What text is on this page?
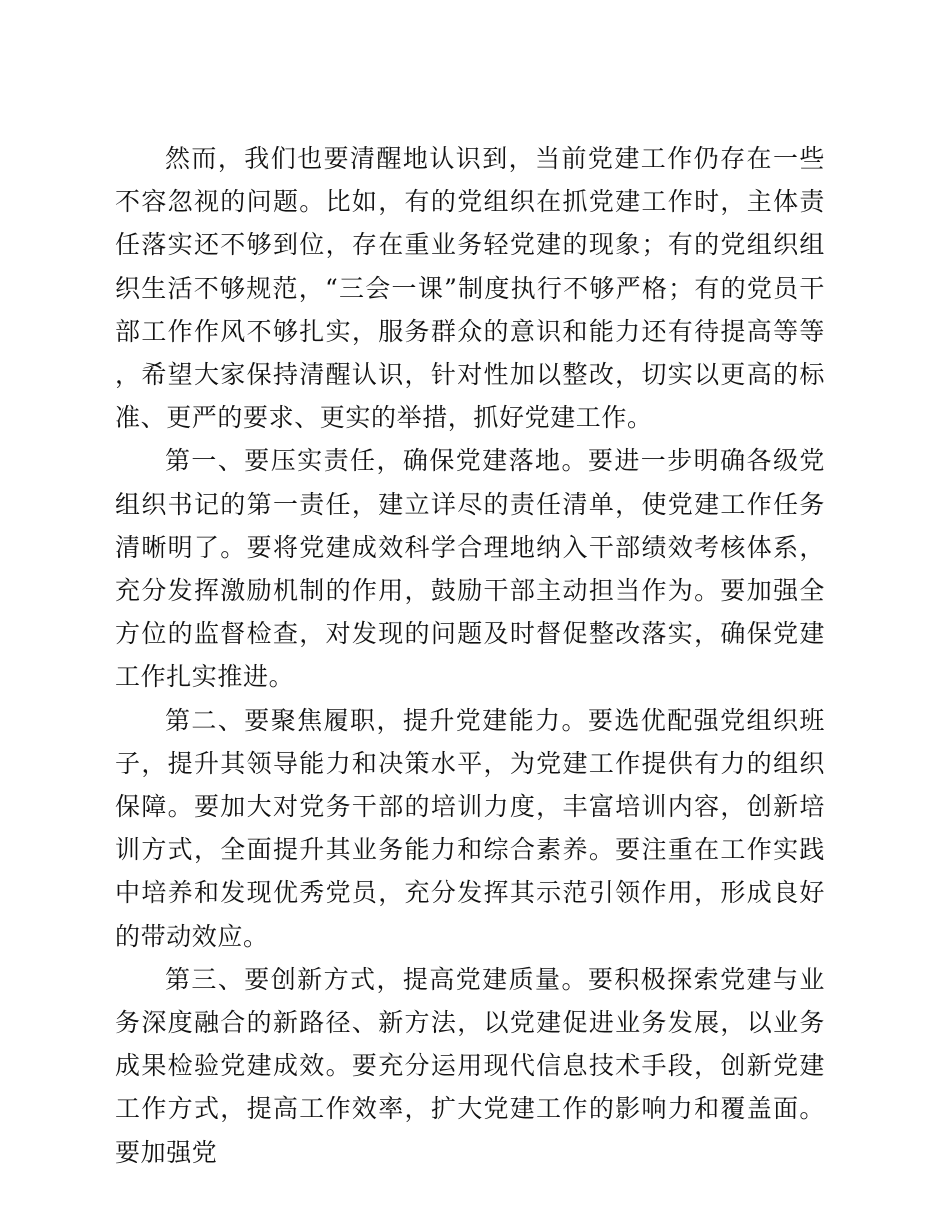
然而，我们也要清醒地认识到，当前党建工作仍存在一些不容忽视的问题。比如，有的党组织在抓党建工作时，主体责任落实还不够到位，存在重业务轻党建的现象；有的党组织组织生活不够规范，“三会一课”制度执行不够严格；有的党员干部工作作风不够扎实，服务群众的意识和能力还有待提高等等，希望大家保持清醒认识，针对性加以整改，切实以更高的标准、更严的要求、更实的举措，抓好党建工作。

第一、要压实责任，确保党建落地。要进一步明确各级党组织书记的第一责任，建立详尽的责任清单，使党建工作任务清晰明了。要将党建成效科学合理地纳入干部绩效考核体系，充分发挥激励机制的作用，鼓励干部主动担当作为。要加强全方位的监督检查，对发现的问题及时督促整改落实，确保党建工作扎实推进。

第二、要聚焦履职，提升党建能力。要选优配强党组织班子，提升其领导能力和决策水平，为党建工作提供有力的组织保障。要加大对党务干部的培训力度，丰富培训内容，创新培训方式，全面提升其业务能力和综合素养。要注重在工作实践中培养和发现优秀党员，充分发挥其示范引领作用，形成良好的带动效应。

第三、要创新方式，提高党建质量。要积极探索党建与业务深度融合的新路径、新方法，以党建促进业务发展，以业务成果检验党建成效。要充分运用现代信息技术手段，创新党建工作方式，提高工作效率，扩大党建工作的影响力和覆盖面。要加强党
